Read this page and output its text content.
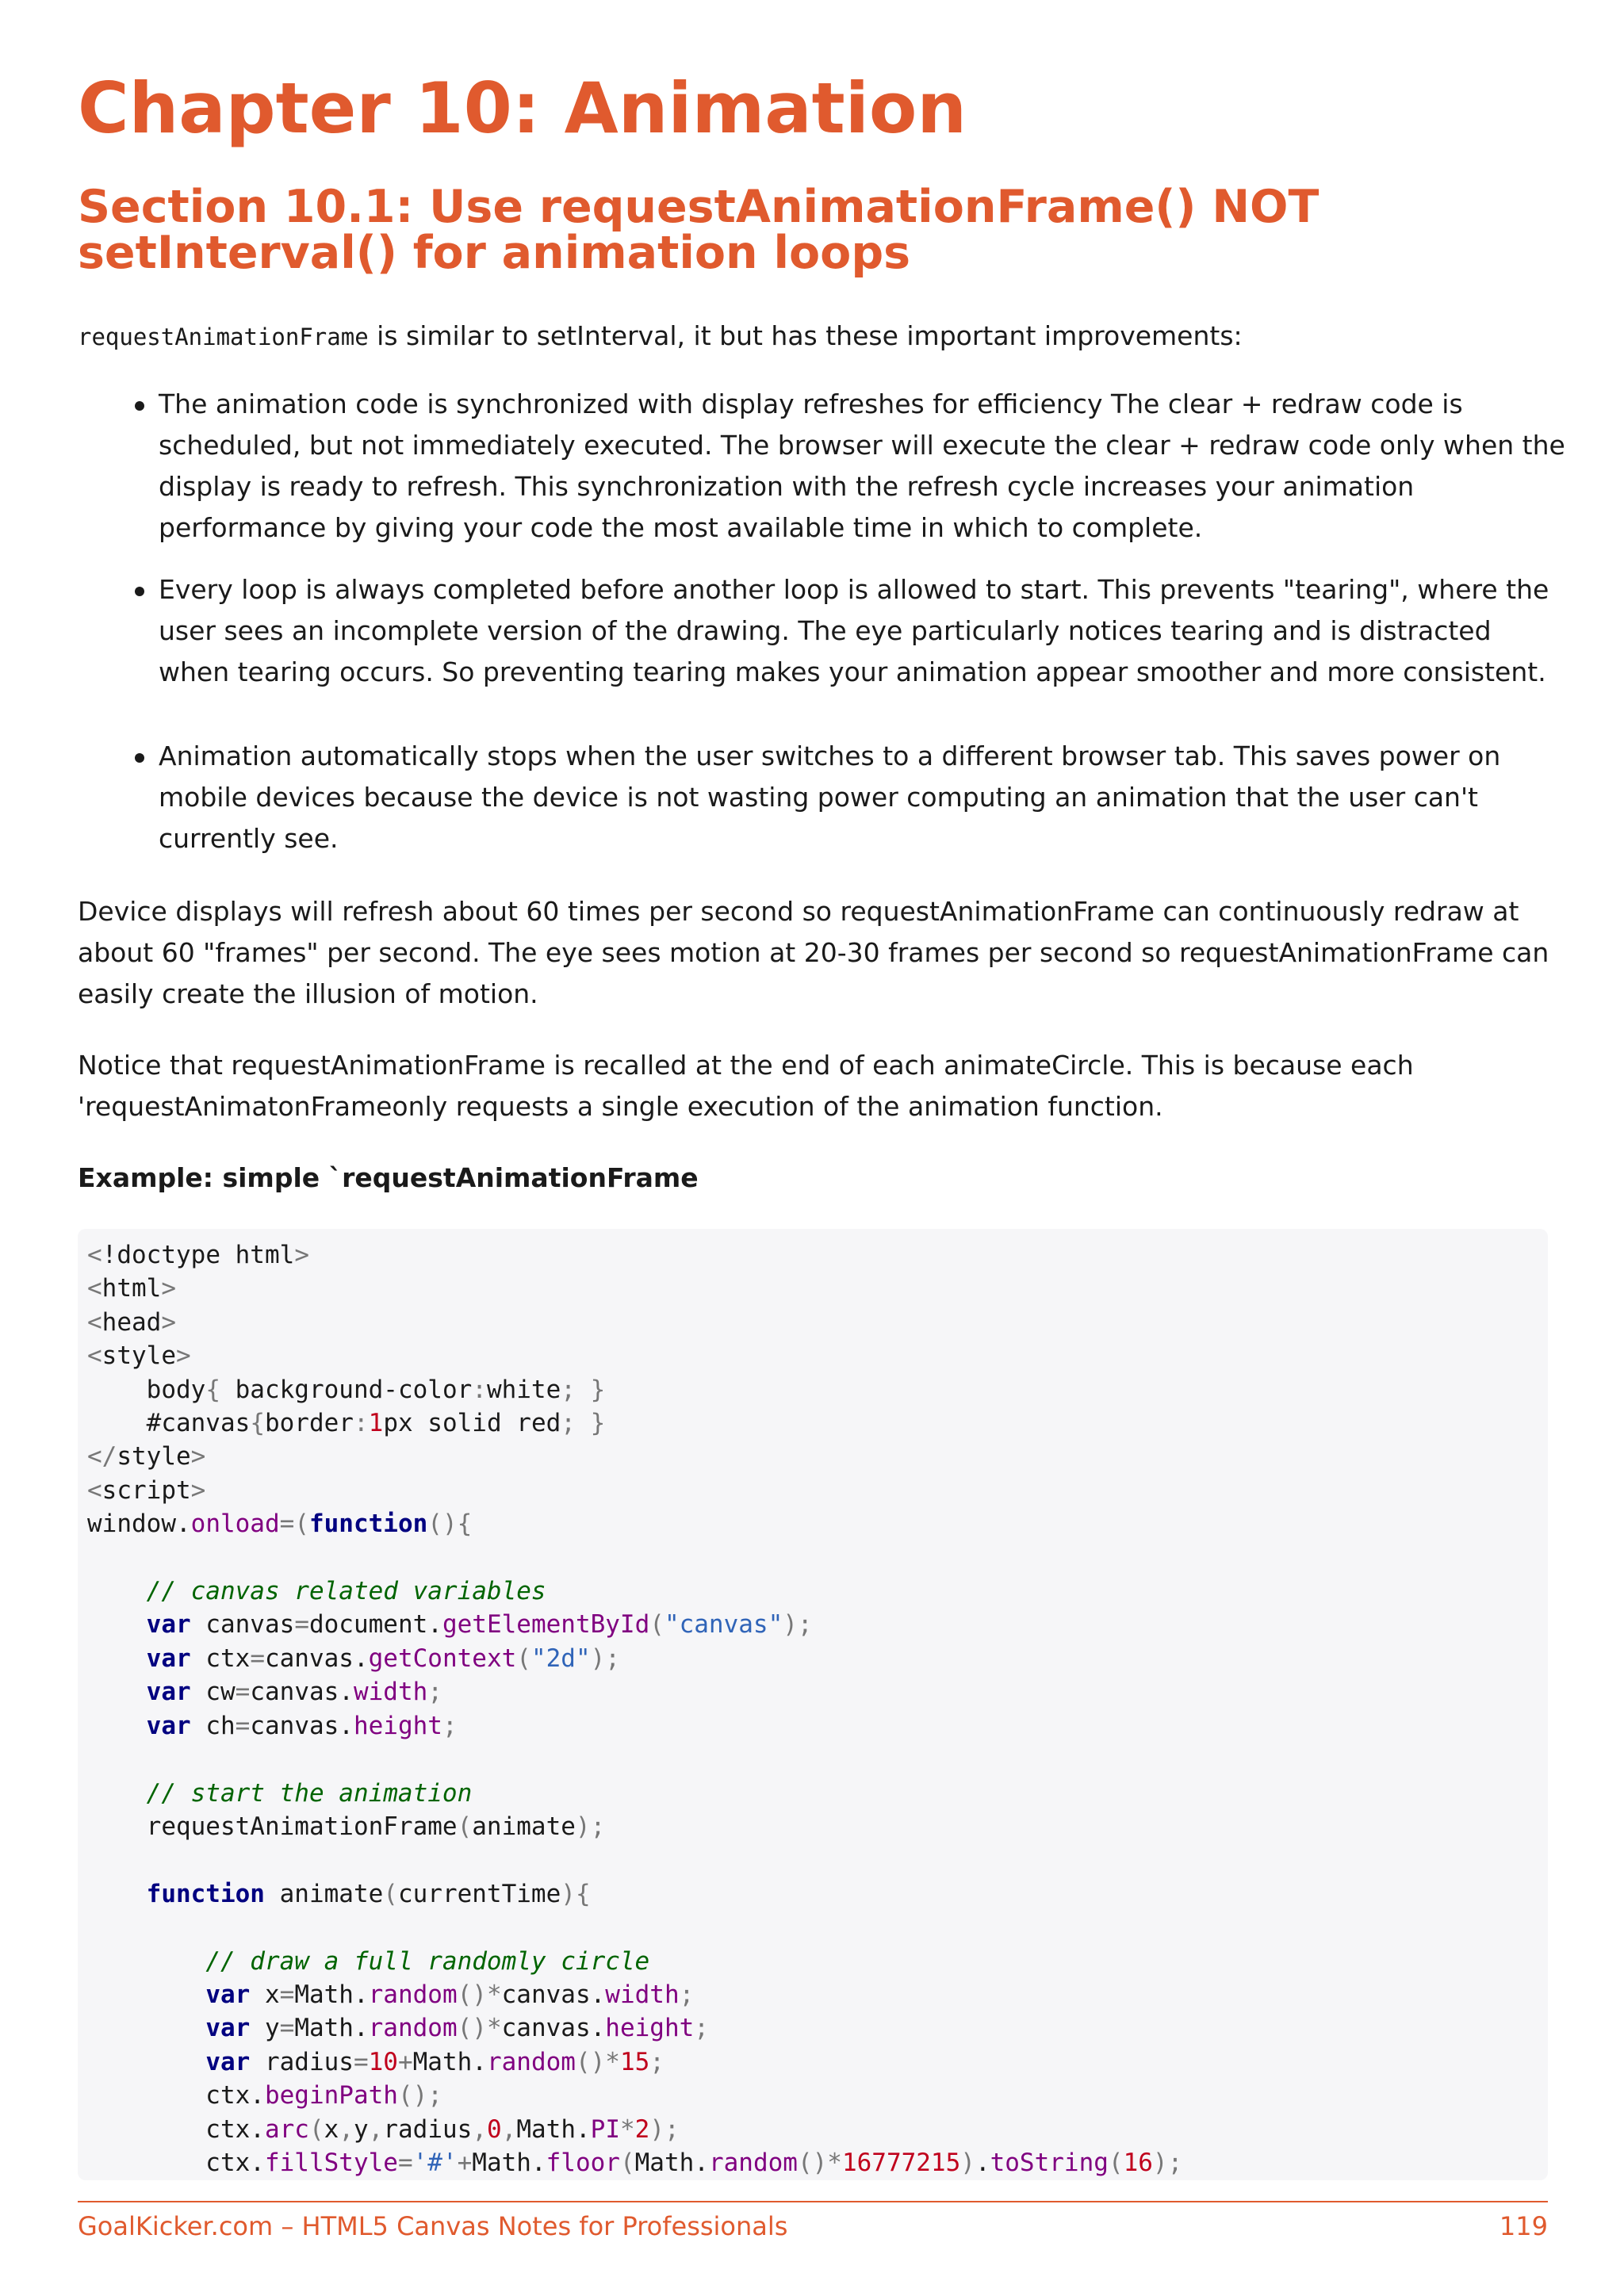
Chapter 10: Animation
Section 10.1: Use requestAnimationFrame() NOT setInterval() for animation loops

requestAnimationFrame is similar to setInterval, it but has these important improvements:

The animation code is synchronized with display refreshes for efficiency The clear + redraw code is scheduled, but not immediately executed. The browser will execute the clear + redraw code only when the display is ready to refresh. This synchronization with the refresh cycle increases your animation performance by giving your code the most available time in which to complete.
Every loop is always completed before another loop is allowed to start. This prevents "tearing", where the user sees an incomplete version of the drawing. The eye particularly notices tearing and is distracted when tearing occurs. So preventing tearing makes your animation appear smoother and more consistent.
Animation automatically stops when the user switches to a different browser tab. This saves power on mobile devices because the device is not wasting power computing an animation that the user can't currently see.

Device displays will refresh about 60 times per second so requestAnimationFrame can continuously redraw at about 60 "frames" per second. The eye sees motion at 20-30 frames per second so requestAnimationFrame can easily create the illusion of motion.

Notice that requestAnimationFrame is recalled at the end of each animateCircle. This is because each 'requestAnimatonFrameonly requests a single execution of the animation function.

Example: simple `requestAnimationFrame

<!doctype html>
<html>
<head>
<style>
body{ background-color:white; }
#canvas{border:1px solid red; }
</style>
<script>
window.onload=(function(){

// canvas related variables
var canvas=document.getElementById("canvas");
var ctx=canvas.getContext("2d");
var cw=canvas.width;
var ch=canvas.height;

// start the animation
requestAnimationFrame(animate);

function animate(currentTime){

// draw a full randomly circle
var x=Math.random()*canvas.width;
var y=Math.random()*canvas.height;
var radius=10+Math.random()*15;
ctx.beginPath();
ctx.arc(x,y,radius,0,Math.PI*2);
ctx.fillStyle='#'+Math.floor(Math.random()*16777215).toString(16);

GoalKicker.com – HTML5 Canvas Notes for Professionals	119
